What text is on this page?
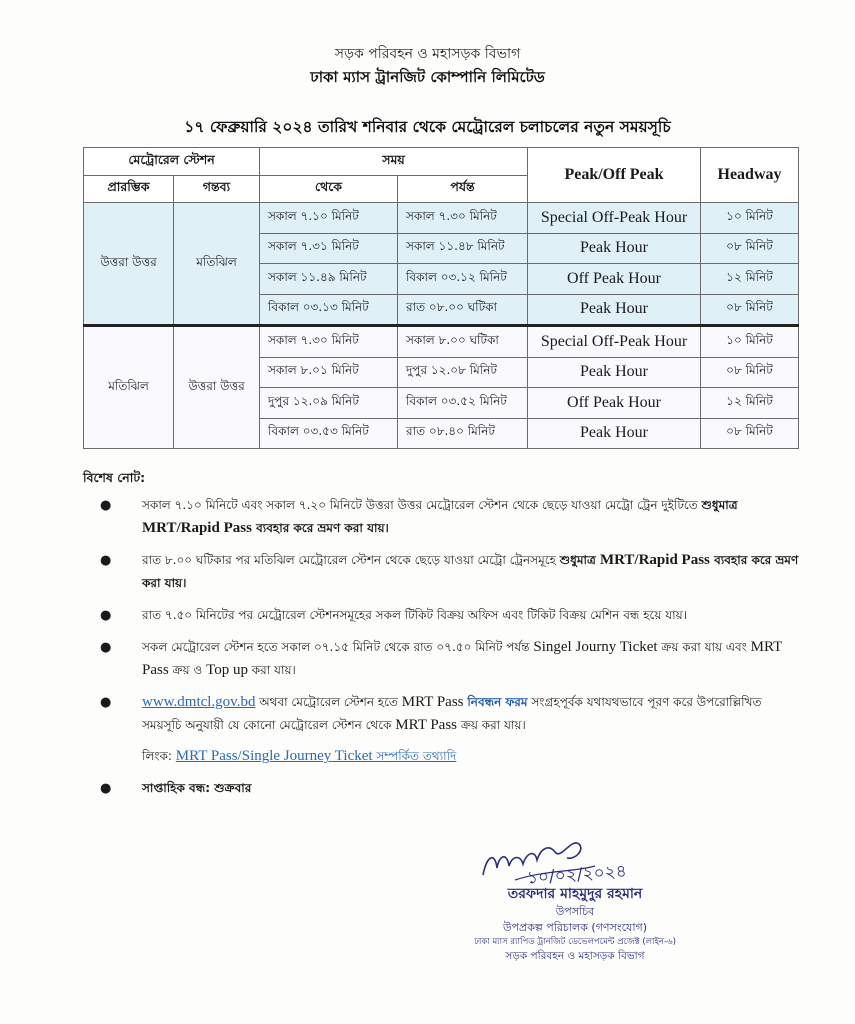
সড়ক পরিবহন ও মহাসড়ক বিভাগ
ঢাকা ম্যাস ট্রানজিট কোম্পানি লিমিটেড
১৭ ফেব্রুয়ারি ২০২৪ তারিখ শনিবার থেকে মেট্রোরেল চলাচলের নতুন সময়সূচি
মেট্রোরেল স্টেশন		সময়		Peak/Off Peak	Headway
প্রারম্ভিক	গন্তব্য	থেকে	পর্যন্ত		
উত্তরা উত্তর	মতিঝিল	সকাল ৭.১০ মিনিট	সকাল ৭.৩০ মিনিট	Special Off-Peak Hour	১০ মিনিট
		সকাল ৭.৩১ মিনিট	সকাল ১১.৪৮ মিনিট	Peak Hour	০৮ মিনিট
		সকাল ১১.৪৯ মিনিট	বিকাল ০৩.১২ মিনিট	Off Peak Hour	১২ মিনিট
		বিকাল ০৩.১৩ মিনিট	রাত ০৮.০০ ঘটিকা	Peak Hour	০৮ মিনিট
মতিঝিল	উত্তরা উত্তর	সকাল ৭.৩০ মিনিট	সকাল ৮.০০ ঘটিকা	Special Off-Peak Hour	১০ মিনিট
		সকাল ৮.০১ মিনিট	দুপুর ১২.০৮ মিনিট	Peak Hour	০৮ মিনিট
		দুপুর ১২.০৯ মিনিট	বিকাল ০৩.৫২ মিনিট	Off Peak Hour	১২ মিনিট
		বিকাল ০৩.৫৩ মিনিট	রাত ০৮.৪০ মিনিট	Peak Hour	০৮ মিনিট
বিশেষ নোট:
●	সকাল ৭.১০ মিনিটে এবং সকাল ৭.২০ মিনিটে উত্তরা উত্তর মেট্রোরেল স্টেশন থেকে ছেড়ে যাওয়া মেট্রো ট্রেন দুইটিতে শুধুমাত্র MRT/Rapid Pass ব্যবহার করে ভ্রমণ করা যায়।
●	রাত ৮.০০ ঘটিকার পর মতিঝিল মেট্রোরেল স্টেশন থেকে ছেড়ে যাওয়া মেট্রো ট্রেনসমূহে শুধুমাত্র MRT/Rapid Pass ব্যবহার করে ভ্রমণ করা যায়।
●	রাত ৭.৫০ মিনিটের পর মেট্রোরেল স্টেশনসমূহের সকল টিকিট বিক্রয় অফিস এবং টিকিট বিক্রয় মেশিন বন্ধ হয়ে যায়।
●	সকল মেট্রোরেল স্টেশন হতে সকাল ০৭.১৫ মিনিট থেকে রাত ০৭.৫০ মিনিট পর্যন্ত Singel Journy Ticket ক্রয় করা যায় এবং MRT Pass ক্রয় ও Top up করা যায়।
● www.dmtcl.gov.bd অথবা মেট্রোরেল স্টেশন হতে MRT Pass নিবন্ধন ফরম সংগ্রহপূর্বক যথাযথভাবে পূরণ করে উপরোল্লিখিত সময়সূচি অনুযায়ী যে কোনো মেট্রোরেল স্টেশন থেকে MRT Pass ক্রয় করা যায়।
লিংক: MRT Pass/Single Journey Ticket সম্পর্কিত তথ্যাদি
●	সাপ্তাহিক বন্ধ: শুক্রবার
১০/০২/২০২৪
তরফদার মাহমুদুর রহমান
উপসচিব
উপপ্রকল্প পরিচালক (গণসংযোগ)
ঢাকা ম্যাস র‍্যাপিড ট্রানজিট ডেভেলপমেন্ট প্রজেক্ট (লাইন-৬)
সড়ক পরিবহন ও মহাসড়ক বিভাগ
